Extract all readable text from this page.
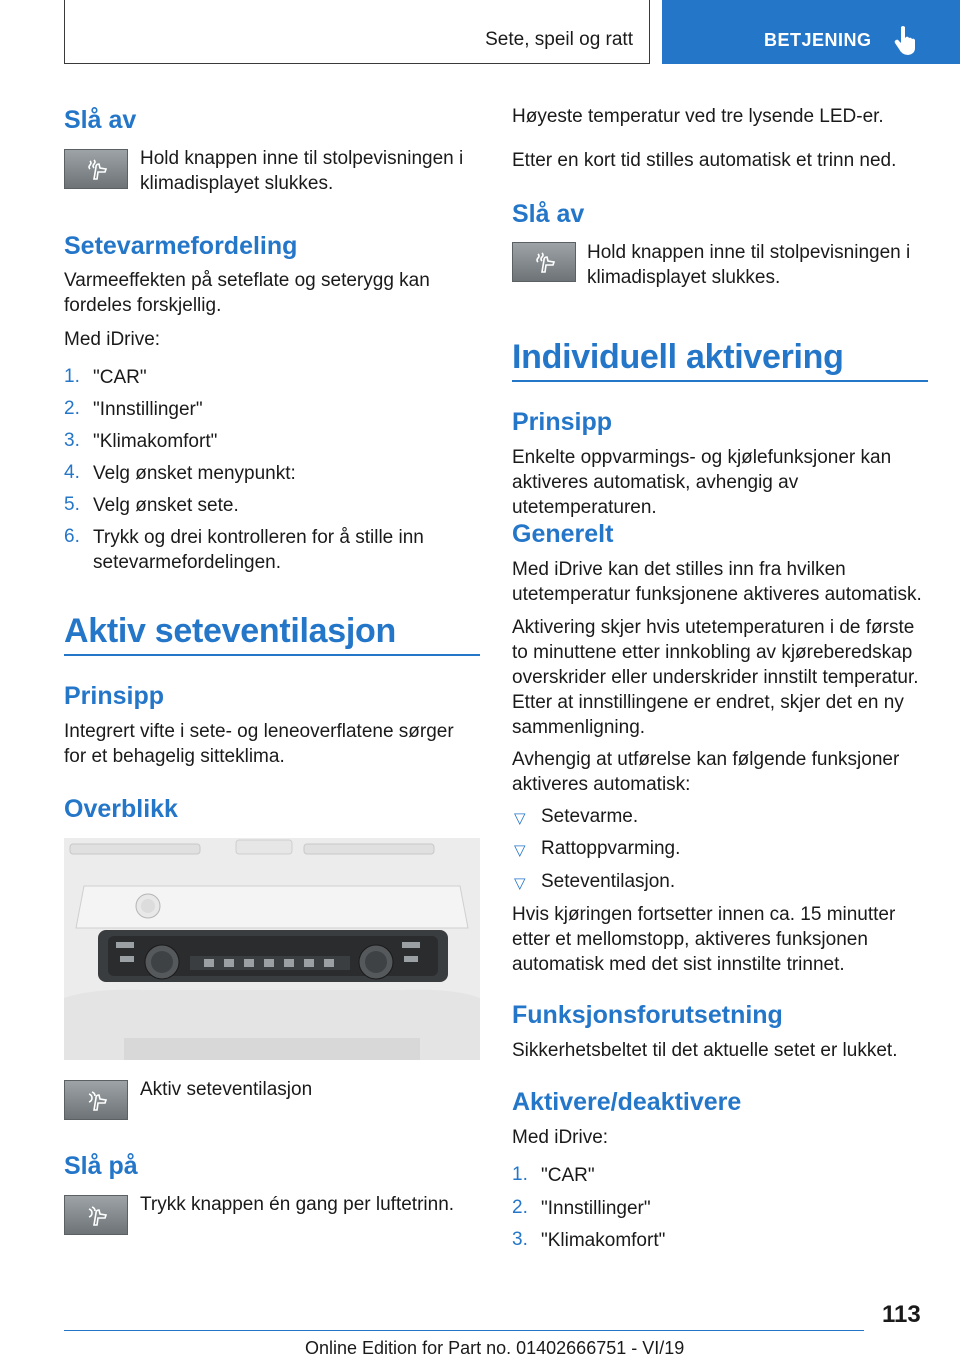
Sete, speil og ratt	BETJENING
Slå av
Hold knappen inne til stolpevisningen i klimadisplayet slukkes.
Setevarmefordeling
Varmeeffekten på seteflate og seterygg kan fordeles forskjellig.
Med iDrive:
1. "CAR"
2. "Innstillinger"
3. "Klimakomfort"
4. Velg ønsket menypunkt:
5. Velg ønsket sete.
6. Trykk og drei kontrolleren for å stille inn setevarmefordelingen.
Aktiv seteventilasjon
Prinsipp
Integrert vifte i sete- og leneoverflatene sørger for et behagelig sitteklima.
Overblikk
Aktiv seteventilasjon
Slå på
Trykk knappen én gang per luftetrinn.
Høyeste temperatur ved tre lysende LED-er.
Etter en kort tid stilles automatisk et trinn ned.
Slå av
Hold knappen inne til stolpevisningen i klimadisplayet slukkes.
Individuell aktivering
Prinsipp
Enkelte oppvarmings- og kjølefunksjoner kan aktiveres automatisk, avhengig av utetemperaturen.
Generelt
Med iDrive kan det stilles inn fra hvilken utetemperatur funksjonene aktiveres automatisk.
Aktivering skjer hvis utetemperaturen i de første to minuttene etter innkobling av kjøreberedskap overskrider eller underskrider innstilt temperatur. Etter at innstillingene er endret, skjer det en ny sammenligning.
Avhengig at utførelse kan følgende funksjoner aktiveres automatisk:
▽ Setevarme.
▽ Rattoppvarming.
▽ Seteventilasjon.
Hvis kjøringen fortsetter innen ca. 15 minutter etter et mellomstopp, aktiveres funksjonen automatisk med det sist innstilte trinnet.
Funksjonsforutsetning
Sikkerhetsbeltet til det aktuelle setet er lukket.
Aktivere/deaktivere
Med iDrive:
1. "CAR"
2. "Innstillinger"
3. "Klimakomfort"
113
Online Edition for Part no. 01402666751 - VI/19
